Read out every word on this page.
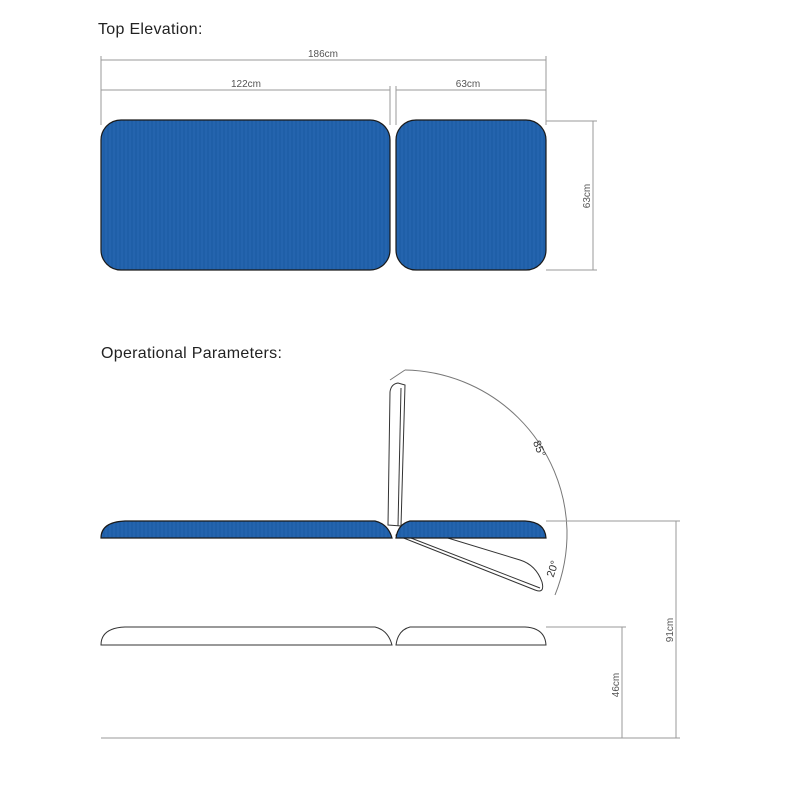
Top Elevation:
Operational Parameters:
186cm
122cm	63cm
63cm
85°
20°
46cm
91cm
